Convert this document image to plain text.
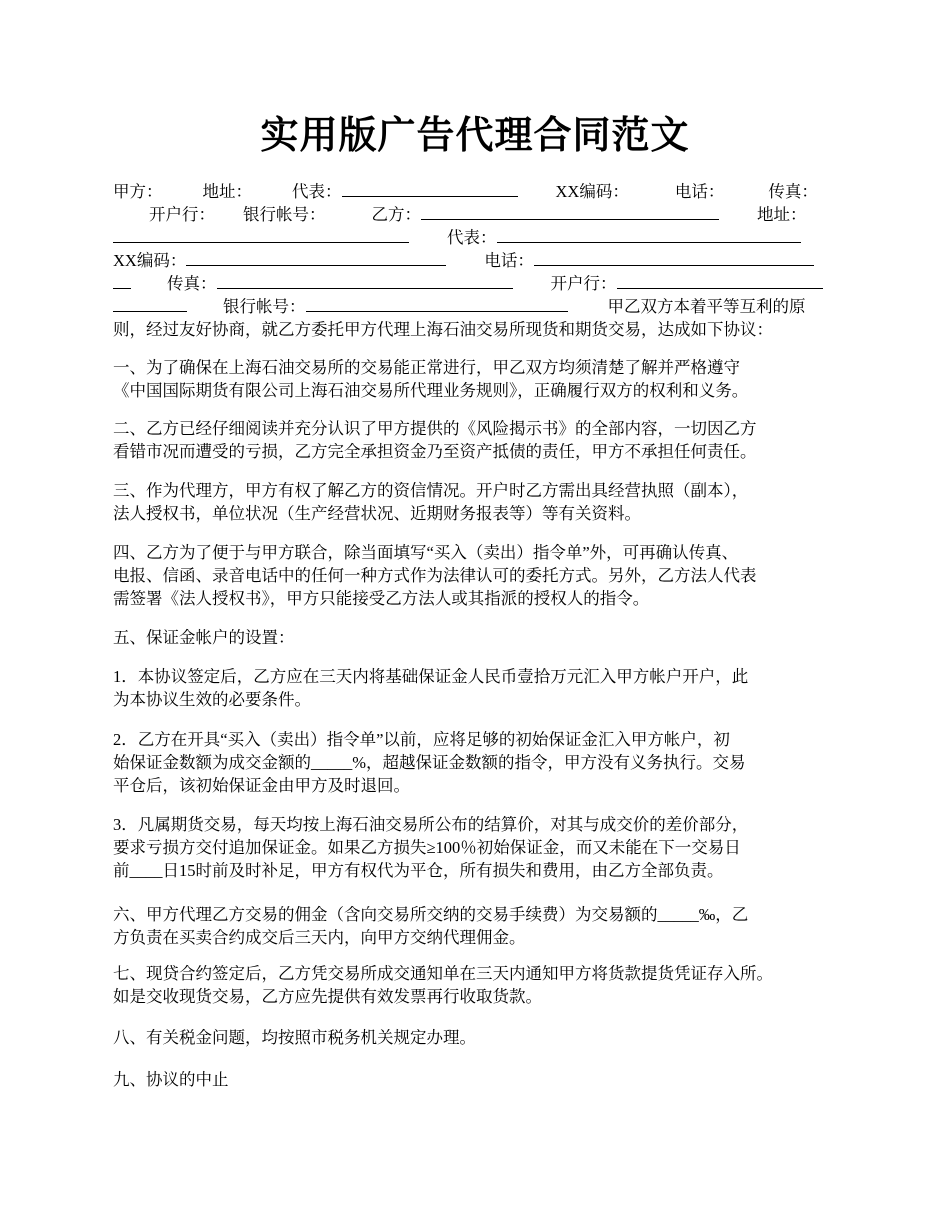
实用版广告代理合同范文
甲方： 地址： 代表：	XX编码：	电话：	传真：
开户行： 银行帐号：	乙方：	地址：
代表：
XX编码：	电话：
传真：	开户行：
银行帐号：	甲乙双方本着平等互利的原
则，经过友好协商，就乙方委托甲方代理上海石油交易所现货和期货交易，达成如下协议：
一、为了确保在上海石油交易所的交易能正常进行，甲乙双方均须清楚了解并严格遵守
《中国国际期货有限公司上海石油交易所代理业务规则》，正确履行双方的权利和义务。
二、乙方已经仔细阅读并充分认识了甲方提供的《风险揭示书》的全部内容，一切因乙方
看错市况而遭受的亏损，乙方完全承担资金乃至资产抵债的责任，甲方不承担任何责任。
三、作为代理方，甲方有权了解乙方的资信情况。开户时乙方需出具经营执照（副本），
法人授权书，单位状况（生产经营状况、近期财务报表等）等有关资料。
四、乙方为了便于与甲方联合，除当面填写“买入（卖出）指令单”外，可再确认传真、
电报、信函、录音电话中的任何一种方式作为法律认可的委托方式。另外，乙方法人代表
需签署《法人授权书》，甲方只能接受乙方法人或其指派的授权人的指令。
五、保证金帐户的设置：
1．本协议签定后，乙方应在三天内将基础保证金人民币壹拾万元汇入甲方帐户开户，此
为本协议生效的必要条件。
2．乙方在开具“买入（卖出）指令单”以前，应将足够的初始保证金汇入甲方帐户，初
始保证金数额为成交金额的_____%，超越保证金数额的指令，甲方没有义务执行。交易
平仓后，该初始保证金由甲方及时退回。
3．凡属期货交易，每天均按上海石油交易所公布的结算价，对其与成交价的差价部分，
要求亏损方交付追加保证金。如果乙方损失≥100％初始保证金，而又未能在下一交易日
前____日15时前及时补足，甲方有权代为平仓，所有损失和费用，由乙方全部负责。
六、甲方代理乙方交易的佣金（含向交易所交纳的交易手续费）为交易额的_____‰，乙
方负责在买卖合约成交后三天内，向甲方交纳代理佣金。
七、现贷合约签定后，乙方凭交易所成交通知单在三天内通知甲方将货款提货凭证存入所。
如是交收现货交易，乙方应先提供有效发票再行收取货款。
八、有关税金问题，均按照市税务机关规定办理。
九、协议的中止
